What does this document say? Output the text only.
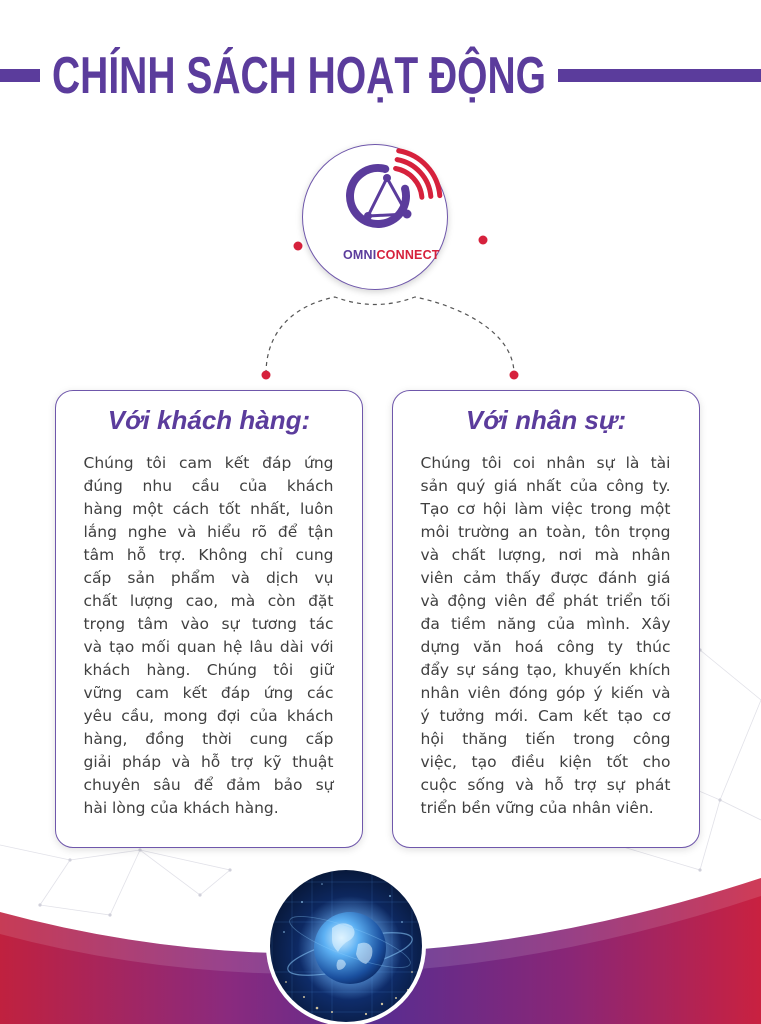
CHÍNH SÁCH HOẠT ĐỘNG
OMNICONNECT
Với khách hàng:
Chúng tôi cam kết đáp ứng
đúng nhu cầu của khách
hàng một cách tốt nhất, luôn
lắng nghe và hiểu rõ để tận
tâm hỗ trợ. Không chỉ cung
cấp sản phẩm và dịch vụ
chất lượng cao, mà còn đặt
trọng tâm vào sự tương tác
và tạo mối quan hệ lâu dài với
khách hàng. Chúng tôi giữ
vững cam kết đáp ứng các
yêu cầu, mong đợi của khách
hàng, đồng thời cung cấp
giải pháp và hỗ trợ kỹ thuật
chuyên sâu để đảm bảo sự
hài lòng của khách hàng.
Với nhân sự:
Chúng tôi coi nhân sự là tài
sản quý giá nhất của công ty.
Tạo cơ hội làm việc trong một
môi trường an toàn, tôn trọng
và chất lượng, nơi mà nhân
viên cảm thấy được đánh giá
và động viên để phát triển tối
đa tiềm năng của mình. Xây
dựng văn hoá công ty thúc
đẩy sự sáng tạo, khuyến khích
nhân viên đóng góp ý kiến và
ý tưởng mới. Cam kết tạo cơ
hội thăng tiến trong công
việc, tạo điều kiện tốt cho
cuộc sống và hỗ trợ sự phát
triển bền vững của nhân viên.
